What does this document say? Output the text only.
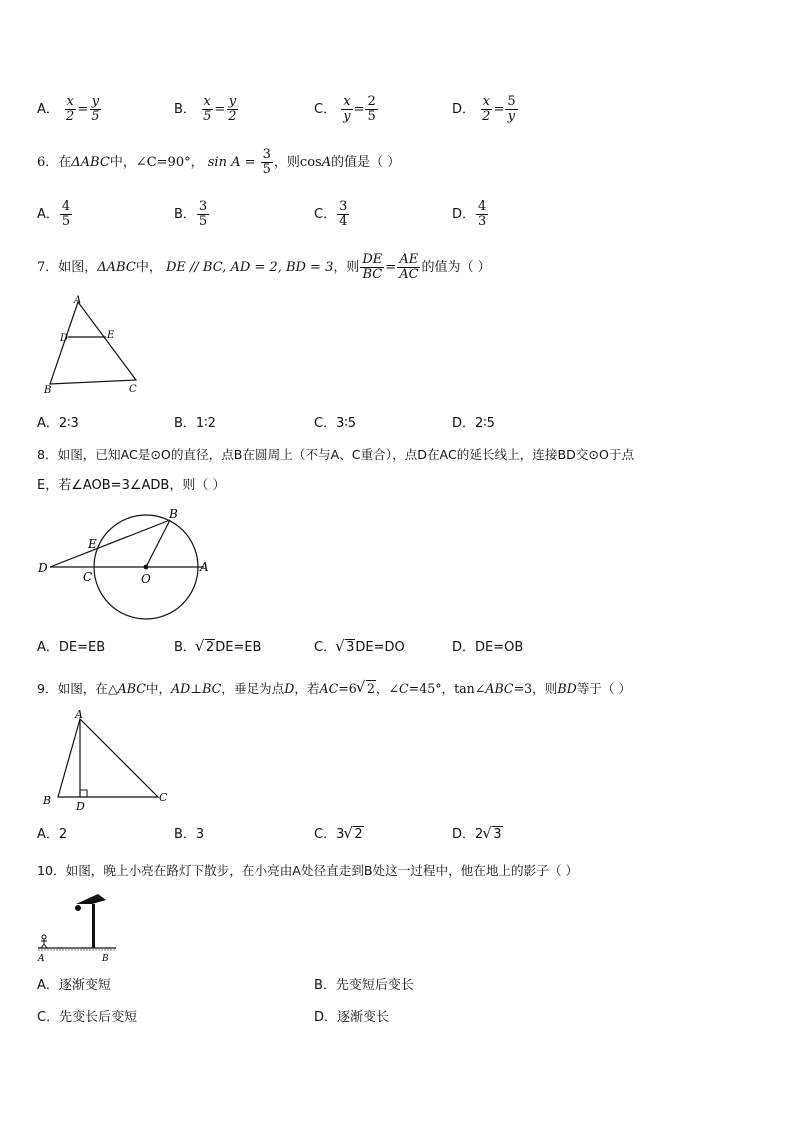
A． $\frac{x}{2} = \frac{y}{5}$	B． $\frac{x}{5} = \frac{y}{2}$	C． $\frac{x}{y} = \frac{2}{5}$	D． $\frac{x}{2} = \frac{5}{y}$
6．在ΔABC中，∠C=90°， $\sin A = \frac{3}{5}$ ，则cosA的值是（ ）
A． $\frac{4}{5}$	B． $\frac{3}{5}$	C． $\frac{3}{4}$	D． $\frac{4}{3}$
7．如图，ΔABC中， DE // BC, AD = 2, BD = 3，则 $\frac{DE}{BC} = \frac{AE}{AC}$ 的值为（ ）
A
D	E
B	C
A．2∶3	B．1∶2	C．3∶5	D．2∶5
8．如图，已知AC是⊙O的直径，点B在圆周上（不与A、C重合），点D在AC的延长线上，连接BD交⊙O于点
E，若∠AOB=3∠ADB，则（ ）
D
E
C	O
A
B
A．DE=EB	B． √ 2DE=EB	C． √ 3DE=DO	D．DE=OB
9．如图，在△ABC中，AD⊥BC，垂足为点D，若AC=6 √ 2，∠C=45°，tan∠ABC=3，则BD等于（ ）
A
B D
C
A．2	B．3	C．3 √ 2	D．2 √ 3
10．如图，晚上小亮在路灯下散步，在小亮由A处径直走到B处这一过程中，他在地上的影子（ ）
A	B
A．逐渐变短	B．先变短后变长
C．先变长后变短	D．逐渐变长
